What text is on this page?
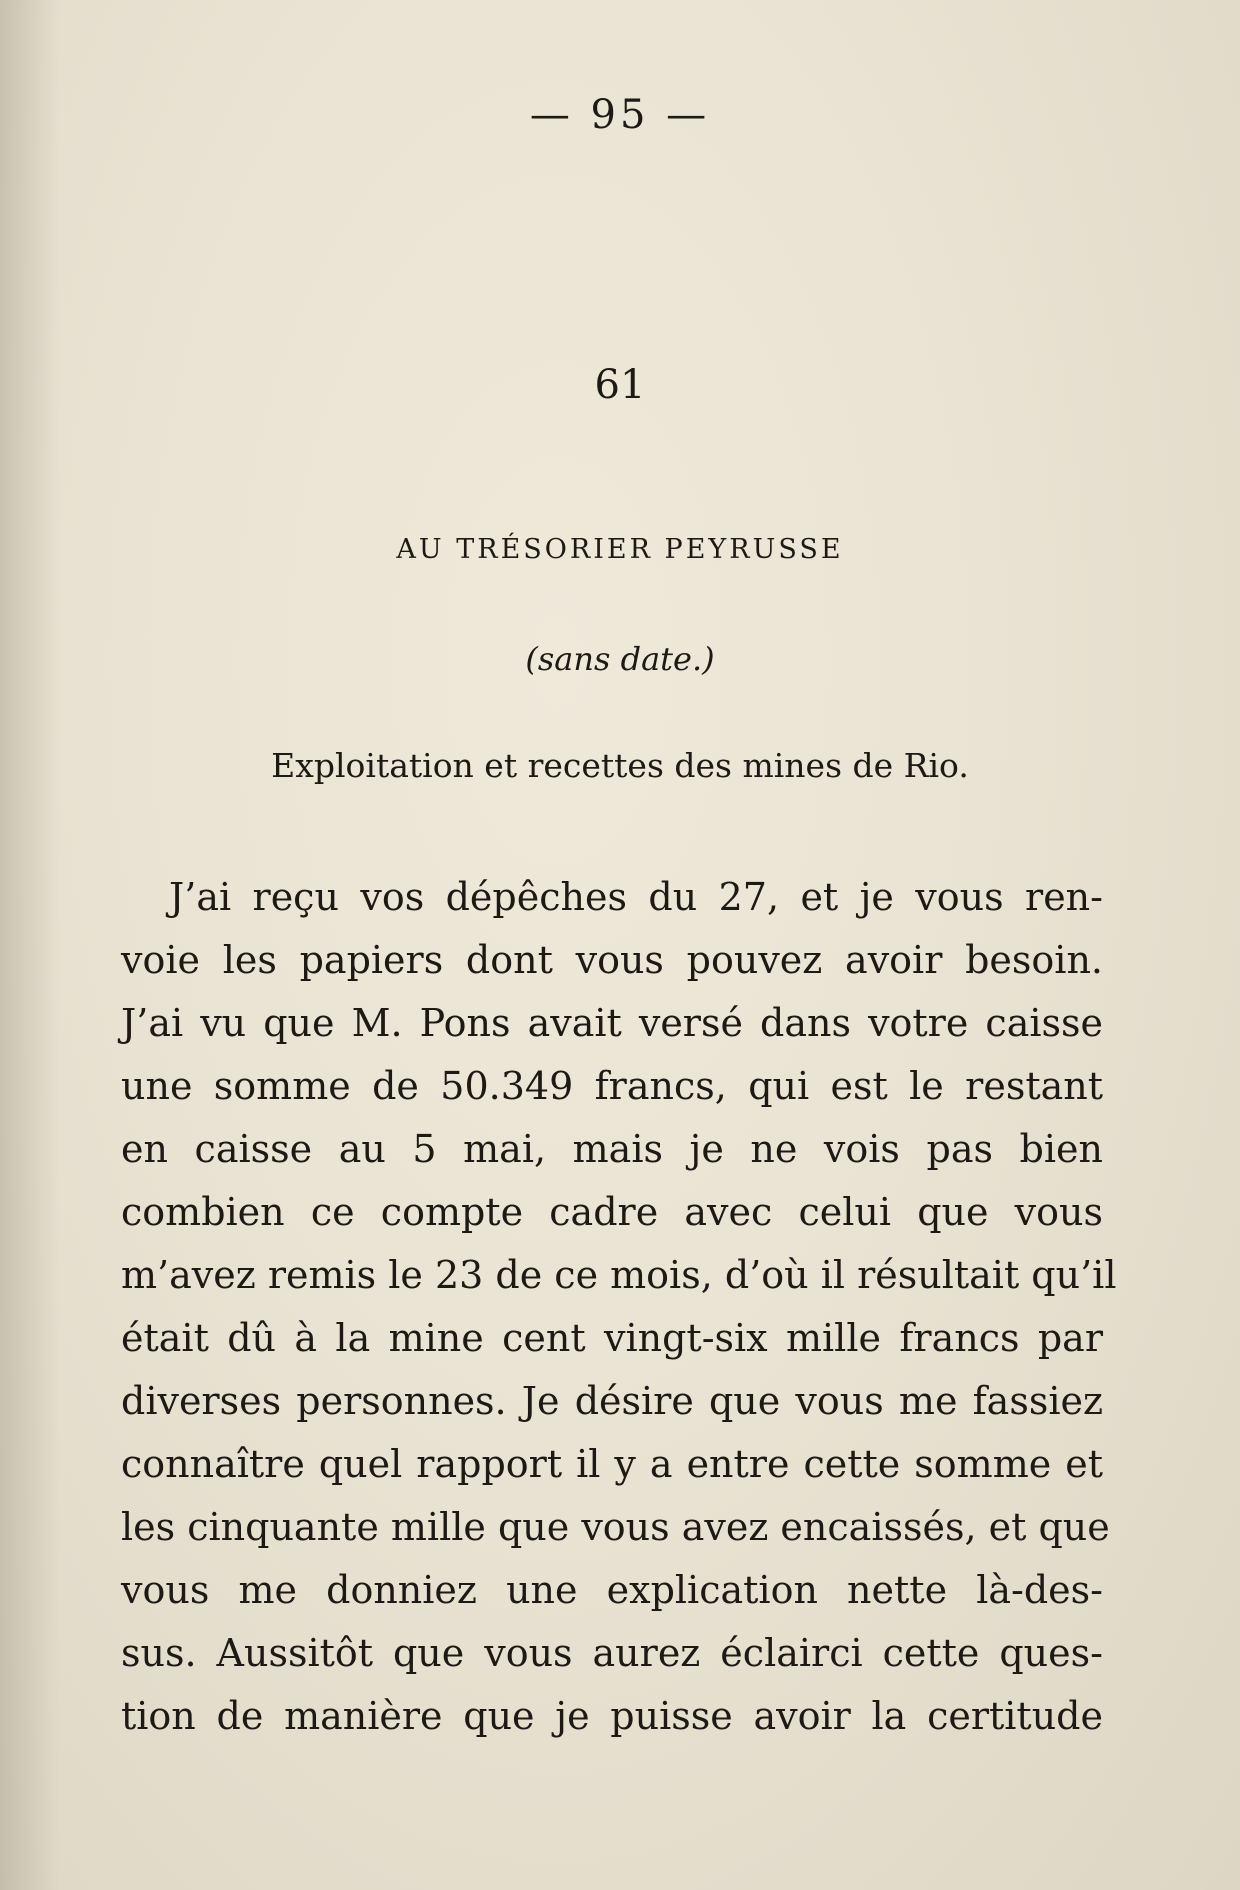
— 95 —
61
AU TRÉSORIER PEYRUSSE
(sans date.)
Exploitation et recettes des mines de Rio.
J’ai reçu vos dépêches du 27, et je vous ren-
voie les papiers dont vous pouvez avoir besoin.
J’ai vu que M. Pons avait versé dans votre caisse
une somme de 50.349 francs, qui est le restant
en caisse au 5 mai, mais je ne vois pas bien
combien ce compte cadre avec celui que vous
m’avez remis le 23 de ce mois, d’où il résultait qu’il
était dû à la mine cent vingt-six mille francs par
diverses personnes. Je désire que vous me fassiez
connaître quel rapport il y a entre cette somme et
les cinquante mille que vous avez encaissés, et que
vous me donniez une explication nette là-des-
sus. Aussitôt que vous aurez éclairci cette ques-
tion de manière que je puisse avoir la certitude
